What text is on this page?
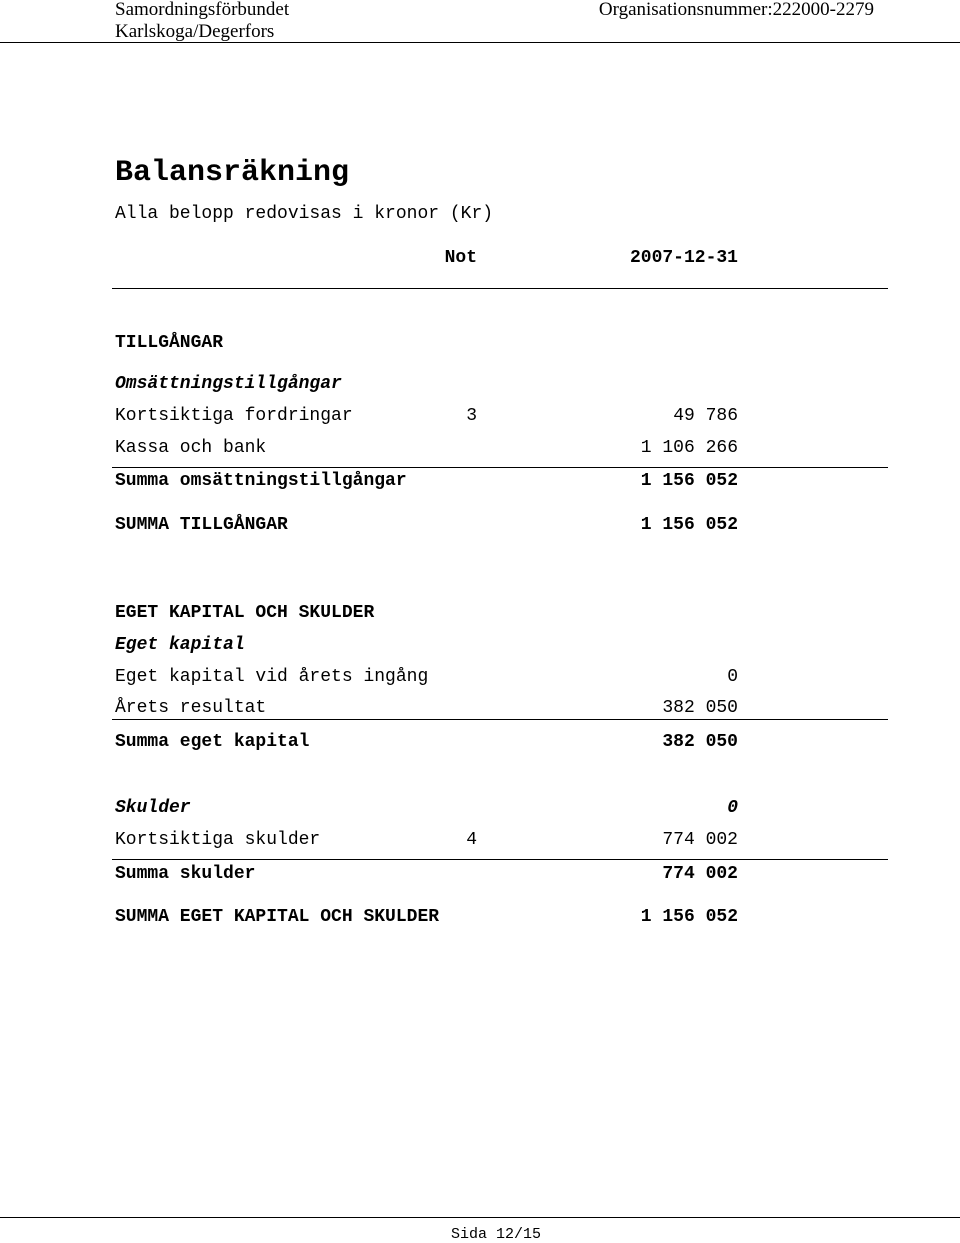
Samordningsförbundet
Karlskoga/Degerfors
Organisationsnummer:222000-2279
Balansräkning
Alla belopp redovisas i kronor (Kr)
Not	2007-12-31
TILLGÅNGAR
Omsättningstillgångar
Kortsiktiga fordringar	3	49 786
Kassa och bank	1 106 266
Summa omsättningstillgångar	1 156 052
SUMMA TILLGÅNGAR	1 156 052
EGET KAPITAL OCH SKULDER
Eget kapital
Eget kapital vid årets ingång	0
Årets resultat	382 050
Summa eget kapital	382 050
Skulder	0
Kortsiktiga skulder	4	774 002
Summa skulder	774 002
SUMMA EGET KAPITAL OCH SKULDER	1 156 052
Sida 12/15
